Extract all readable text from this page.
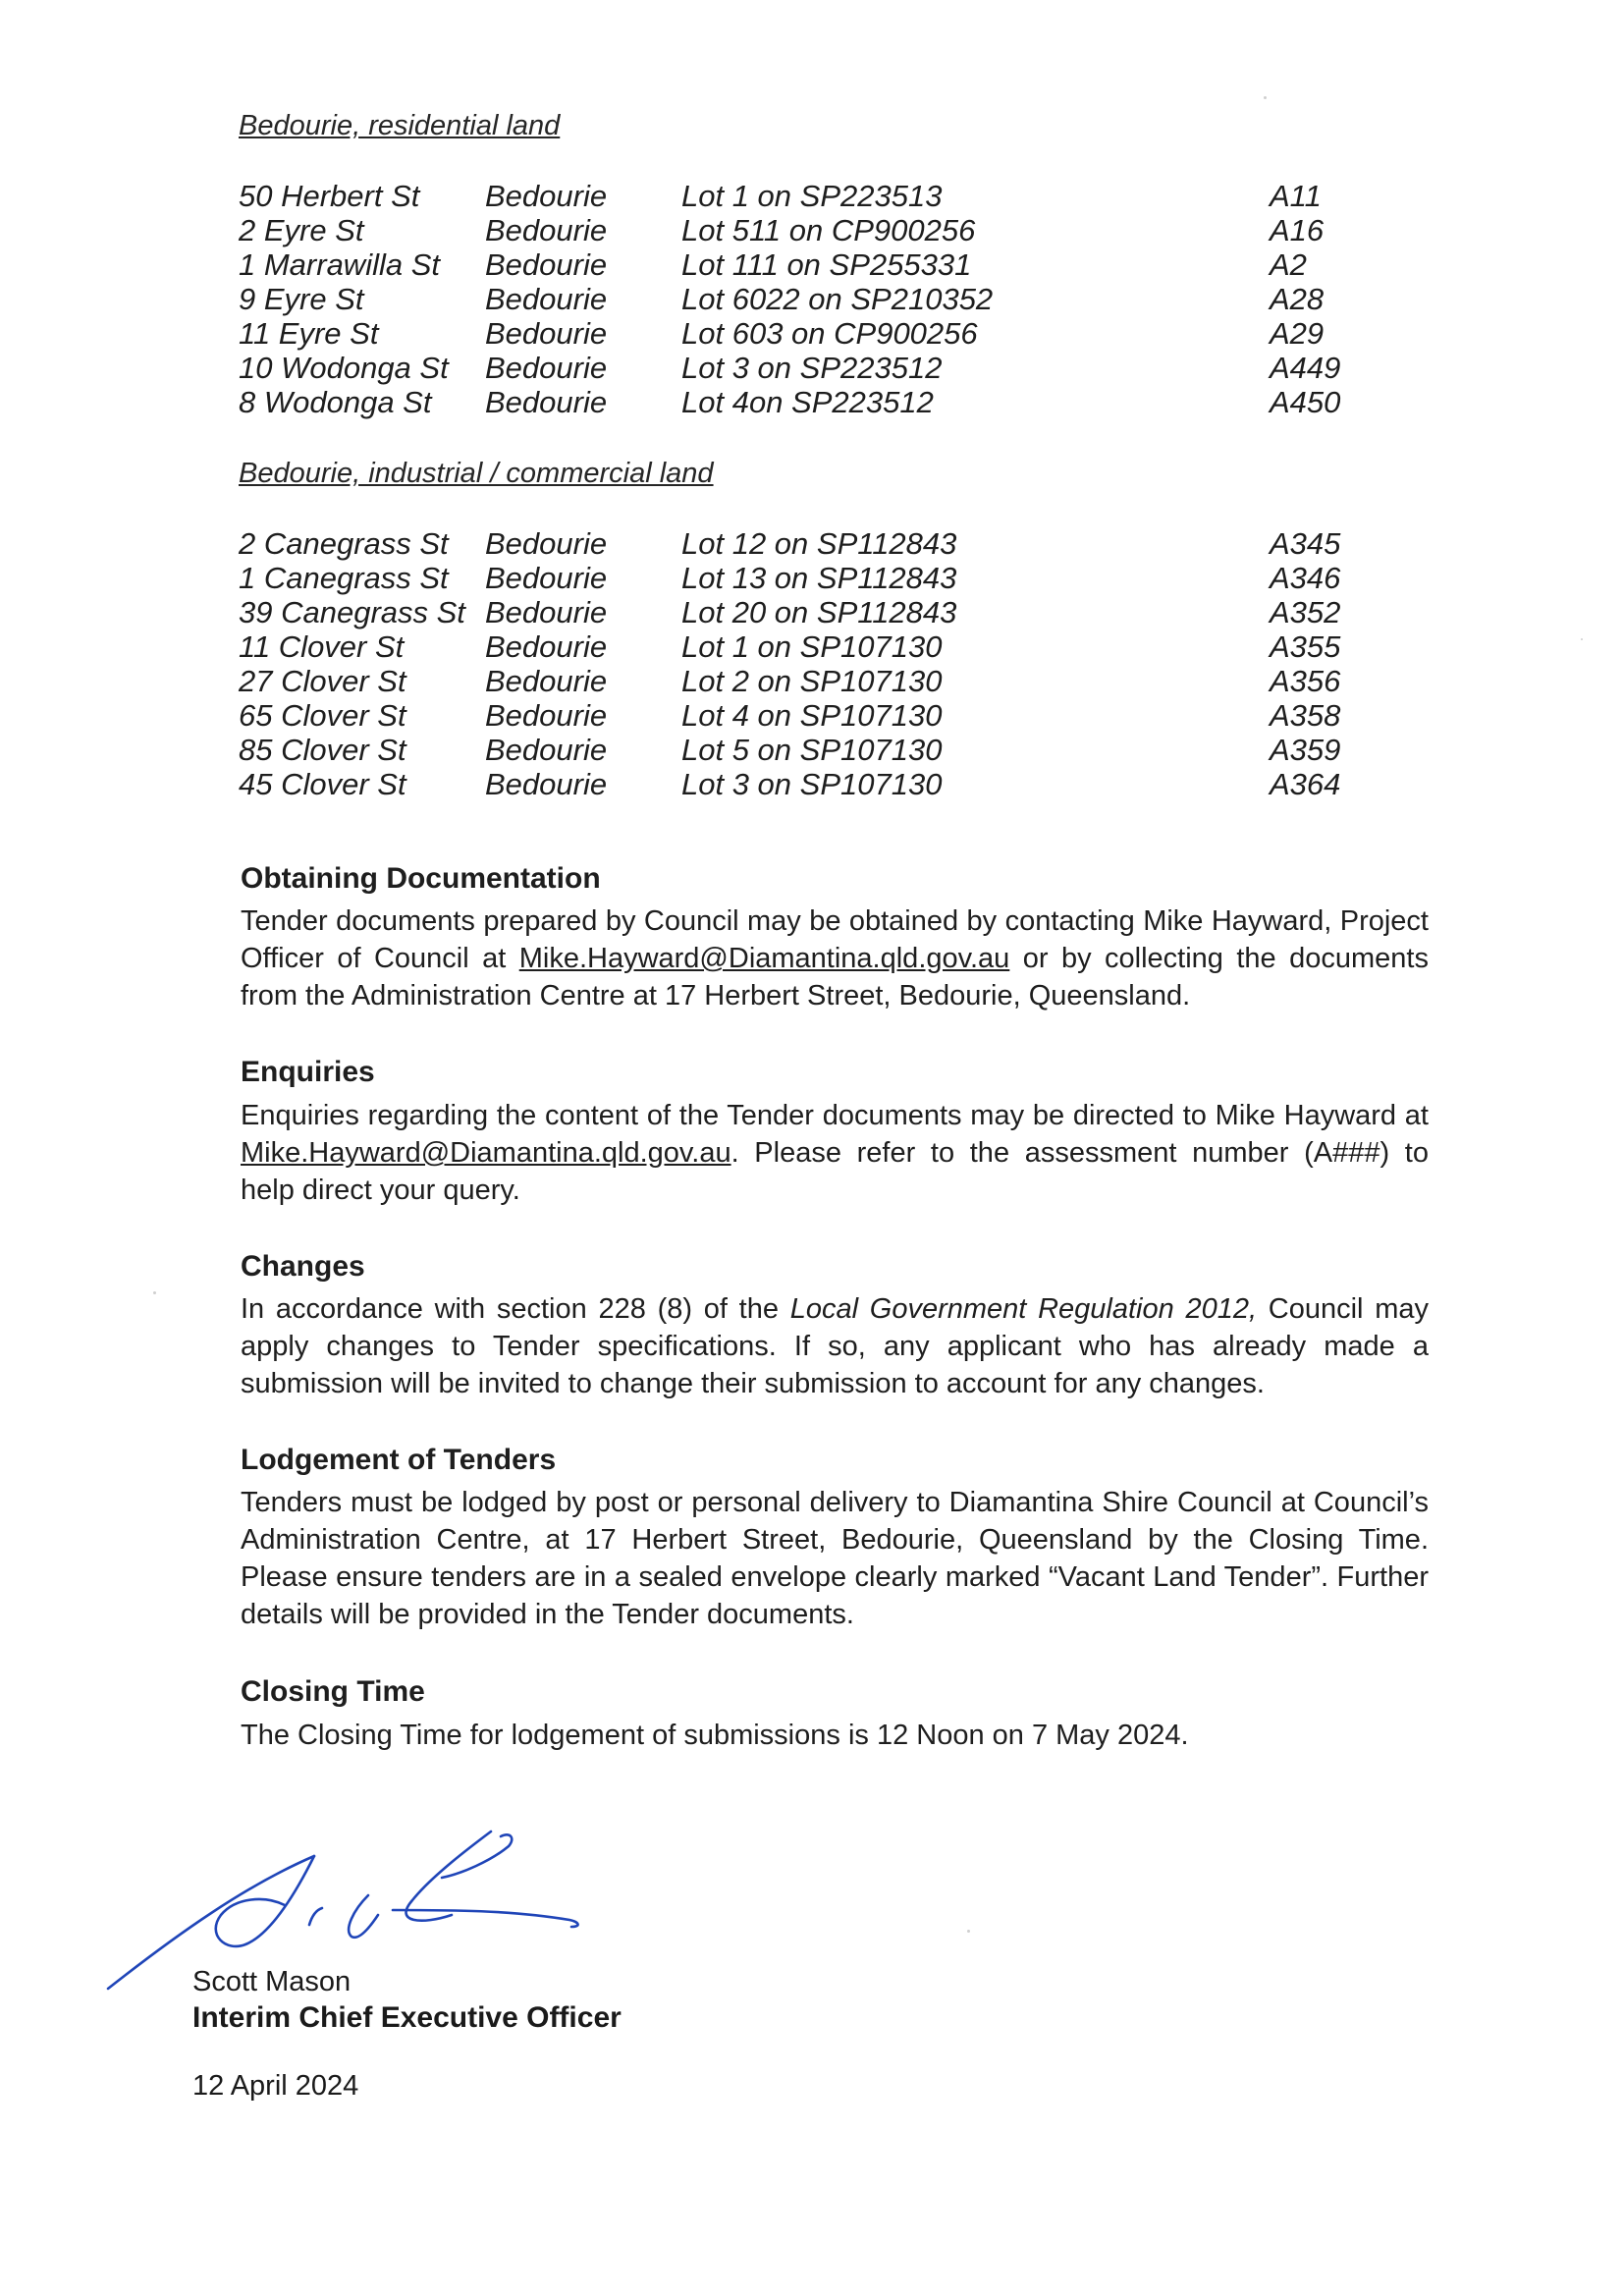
Bedourie, residential land
50 Herbert St Bedourie Lot 1 on SP223513	A11
2 Eyre St	Bedourie Lot 511 on CP900256	A16
1 Marrawilla St Bedourie Lot 111 on SP255331	A2
9 Eyre St	Bedourie Lot 6022 on SP210352	A28
11 Eyre St	Bedourie Lot 603 on CP900256	A29
10 Wodonga St Bedourie Lot 3 on SP223512	A449
8 Wodonga St Bedourie Lot 4on SP223512	A450
Bedourie, industrial / commercial land
2 Canegrass St Bedourie Lot 12 on SP112843	A345
1 Canegrass St Bedourie Lot 13 on SP112843	A346
39 Canegrass St Bedourie Lot 20 on SP112843	A352
11 Clover St	Bedourie Lot 1 on SP107130	A355
27 Clover St	Bedourie Lot 2 on SP107130	A356
65 Clover St	Bedourie Lot 4 on SP107130	A358
85 Clover St	Bedourie Lot 5 on SP107130	A359
45 Clover St	Bedourie Lot 3 on SP107130	A364
Obtaining Documentation

Tender documents prepared by Council may be obtained by contacting Mike Hayward, Project Officer of Council at Mike.Hayward@Diamantina.qld.gov.au or by collecting the documents from the Administration Centre at 17 Herbert Street, Bedourie, Queensland.

Enquiries

Enquiries regarding the content of the Tender documents may be directed to Mike Hayward at Mike.Hayward@Diamantina.qld.gov.au. Please refer to the assessment number (A###) to help direct your query.

Changes

In accordance with section 228 (8) of the Local Government Regulation 2012, Council may apply changes to Tender specifications. If so, any applicant who has already made a submission will be invited to change their submission to account for any changes.

Lodgement of Tenders

Tenders must be lodged by post or personal delivery to Diamantina Shire Council at Council’s Administration Centre, at 17 Herbert Street, Bedourie, Queensland by the Closing Time. Please ensure tenders are in a sealed envelope clearly marked “Vacant Land Tender”. Further details will be provided in the Tender documents.

Closing Time

The Closing Time for lodgement of submissions is 12 Noon on 7 May 2024.

Scott Mason
Interim Chief Executive Officer
12 April 2024
